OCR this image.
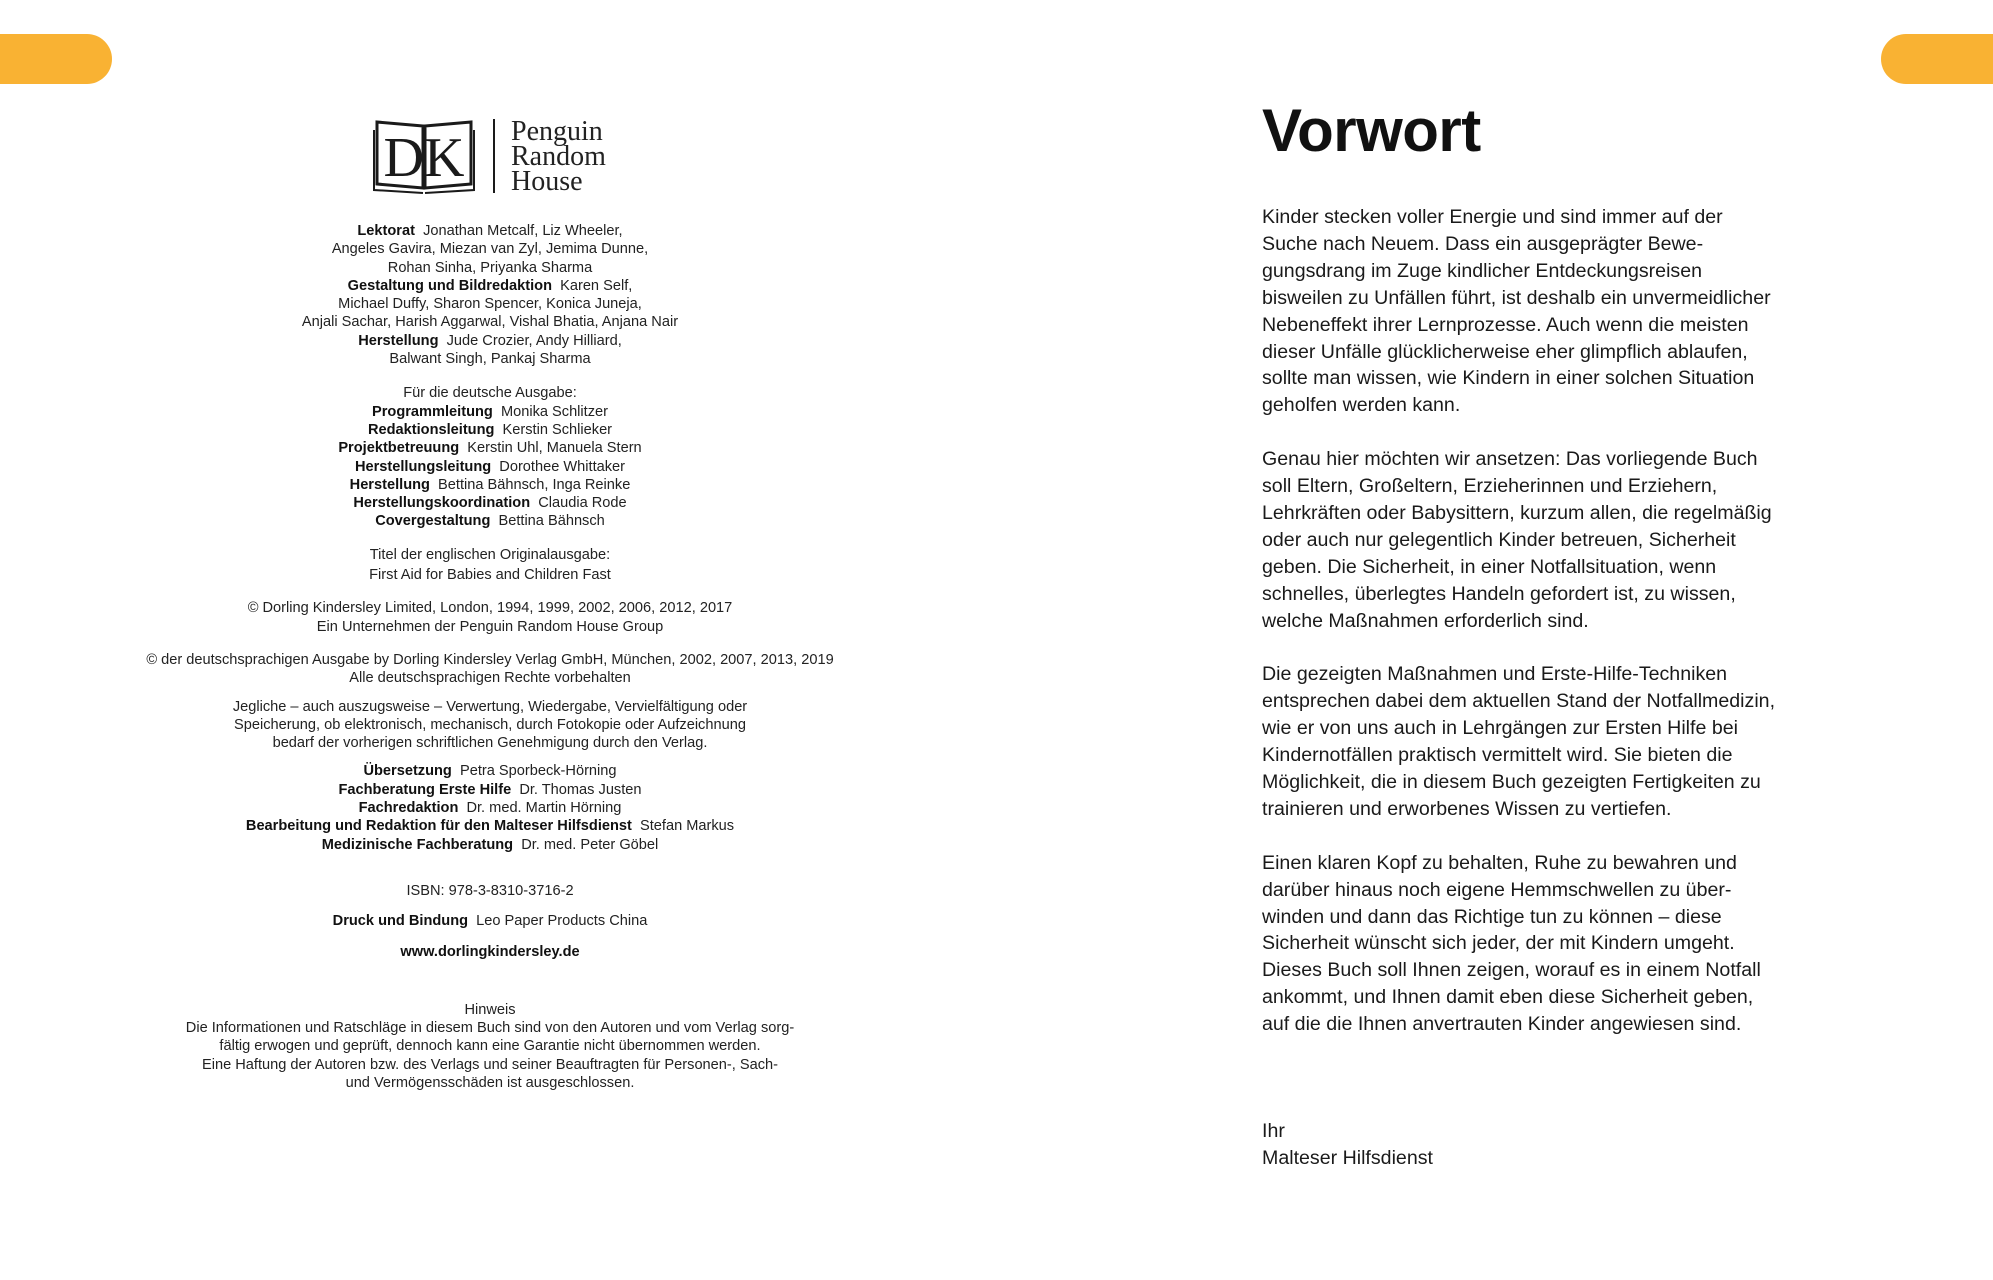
DK Penguin
Random
House

Lektorat Jonathan Metcalf, Liz Wheeler,

Angeles Gavira, Miezan van Zyl, Jemima Dunne,

Rohan Sinha, Priyanka Sharma

Gestaltung und Bildredaktion Karen Self,

Michael Duffy, Sharon Spencer, Konica Juneja,

Anjali Sachar, Harish Aggarwal, Vishal Bhatia, Anjana Nair

Herstellung Jude Crozier, Andy Hilliard,

Balwant Singh, Pankaj Sharma

Für die deutsche Ausgabe:

Programmleitung Monika Schlitzer

Redaktionsleitung Kerstin Schlieker

Projektbetreuung Kerstin Uhl, Manuela Stern

Herstellungsleitung Dorothee Whittaker

Herstellung Bettina Bähnsch, Inga Reinke

Herstellungskoordination Claudia Rode

Covergestaltung Bettina Bähnsch

Titel der englischen Originalausgabe:

First Aid for Babies and Children Fast

© Dorling Kindersley Limited, London, 1994, 1999, 2002, 2006, 2012, 2017

Ein Unternehmen der Penguin Random House Group

© der deutschsprachigen Ausgabe by Dorling Kindersley Verlag GmbH, München, 2002, 2007, 2013, 2019

Alle deutschsprachigen Rechte vorbehalten

Jegliche – auch auszugsweise – Verwertung, Wiedergabe, Vervielfältigung oder

Speicherung, ob elektronisch, mechanisch, durch Fotokopie oder Aufzeichnung

bedarf der vorherigen schriftlichen Genehmigung durch den Verlag.

Übersetzung Petra Sporbeck-Hörning

Fachberatung Erste Hilfe Dr. Thomas Justen

Fachredaktion Dr. med. Martin Hörning

Bearbeitung und Redaktion für den Malteser Hilfsdienst Stefan Markus

Medizinische Fachberatung Dr. med. Peter Göbel

ISBN: 978-3-8310-3716-2

Druck und Bindung Leo Paper Products China

www.dorlingkindersley.de

Hinweis

Die Informationen und Ratschläge in diesem Buch sind von den Autoren und vom Verlag sorg-

fältig erwogen und geprüft, dennoch kann eine Garantie nicht übernommen werden.

Eine Haftung der Autoren bzw. des Verlags und seiner Beauftragten für Personen-, Sach-

und Vermögensschäden ist ausgeschlossen.

Vorwort

Kinder stecken voller Energie und sind immer auf der Suche nach Neuem. Dass ein ausgeprägter Bewegungsdrang im Zuge kindlicher Entdeckungsreisen bisweilen zu Unfällen führt, ist deshalb ein unvermeidlicher Nebeneffekt ihrer Lernprozesse. Auch wenn die meisten dieser Unfälle glücklicherweise eher glimpflich ablaufen, sollte man wissen, wie Kindern in einer solchen Situation geholfen werden kann.

Genau hier möchten wir ansetzen: Das vorliegende Buch soll Eltern, Großeltern, Erzieherinnen und Erziehern, Lehrkräften oder Babysittern, kurzum allen, die regelmäßig oder auch nur gelegentlich Kinder betreuen, Sicherheit geben. Die Sicherheit, in einer Notfallsituation, wenn schnelles, überlegtes Handeln gefordert ist, zu wissen, welche Maßnahmen erforderlich sind.

Die gezeigten Maßnahmen und Erste-Hilfe-Techniken entsprechen dabei dem aktuellen Stand der Notfallmedizin, wie er von uns auch in Lehrgängen zur Ersten Hilfe bei Kindernotfällen praktisch vermittelt wird. Sie bieten die Möglichkeit, die in diesem Buch gezeigten Fertigkeiten zu trainieren und erworbenes Wissen zu vertiefen.

Einen klaren Kopf zu behalten, Ruhe zu bewahren und darüber hinaus noch eigene Hemmschwellen zu überwinden und dann das Richtige tun zu können – diese Sicherheit wünscht sich jeder, der mit Kindern umgeht. Dieses Buch soll Ihnen zeigen, worauf es in einem Notfall ankommt, und Ihnen damit eben diese Sicherheit geben, auf die die Ihnen anvertrauten Kinder angewiesen sind.

Ihr
Malteser Hilfsdienst
